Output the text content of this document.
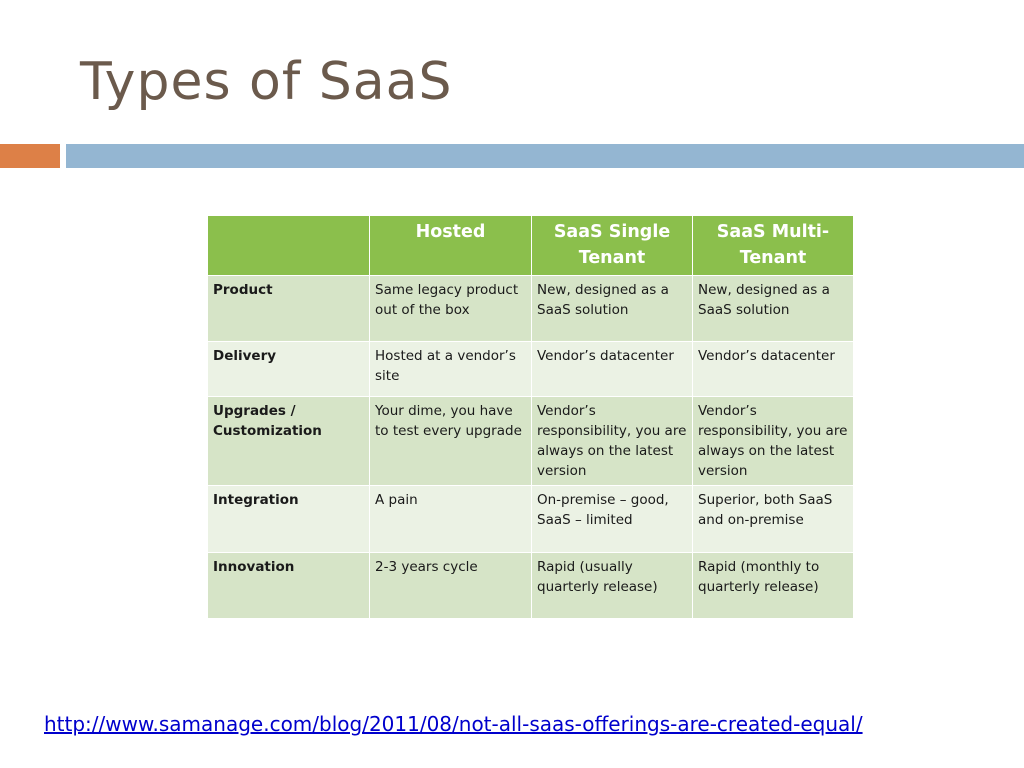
Types of SaaS
	Hosted	SaaS Single Tenant	SaaS Multi-Tenant
Product	Same legacy product out of the box	New, designed as a SaaS solution	New, designed as a SaaS solution
Delivery	Hosted at a vendor’s site	Vendor’s datacenter	Vendor’s datacenter
Upgrades / Customization	Your dime, you have to test every upgrade	Vendor’s responsibility, you are always on the latest version	Vendor’s responsibility, you are always on the latest version
Integration	A pain	On-premise – good, SaaS – limited	Superior, both SaaS and on-premise
Innovation	2-3 years cycle	Rapid (usually quarterly release)	Rapid (monthly to quarterly release)
http://www.samanage.com/blog/2011/08/not-all-saas-offerings-are-created-equal/
